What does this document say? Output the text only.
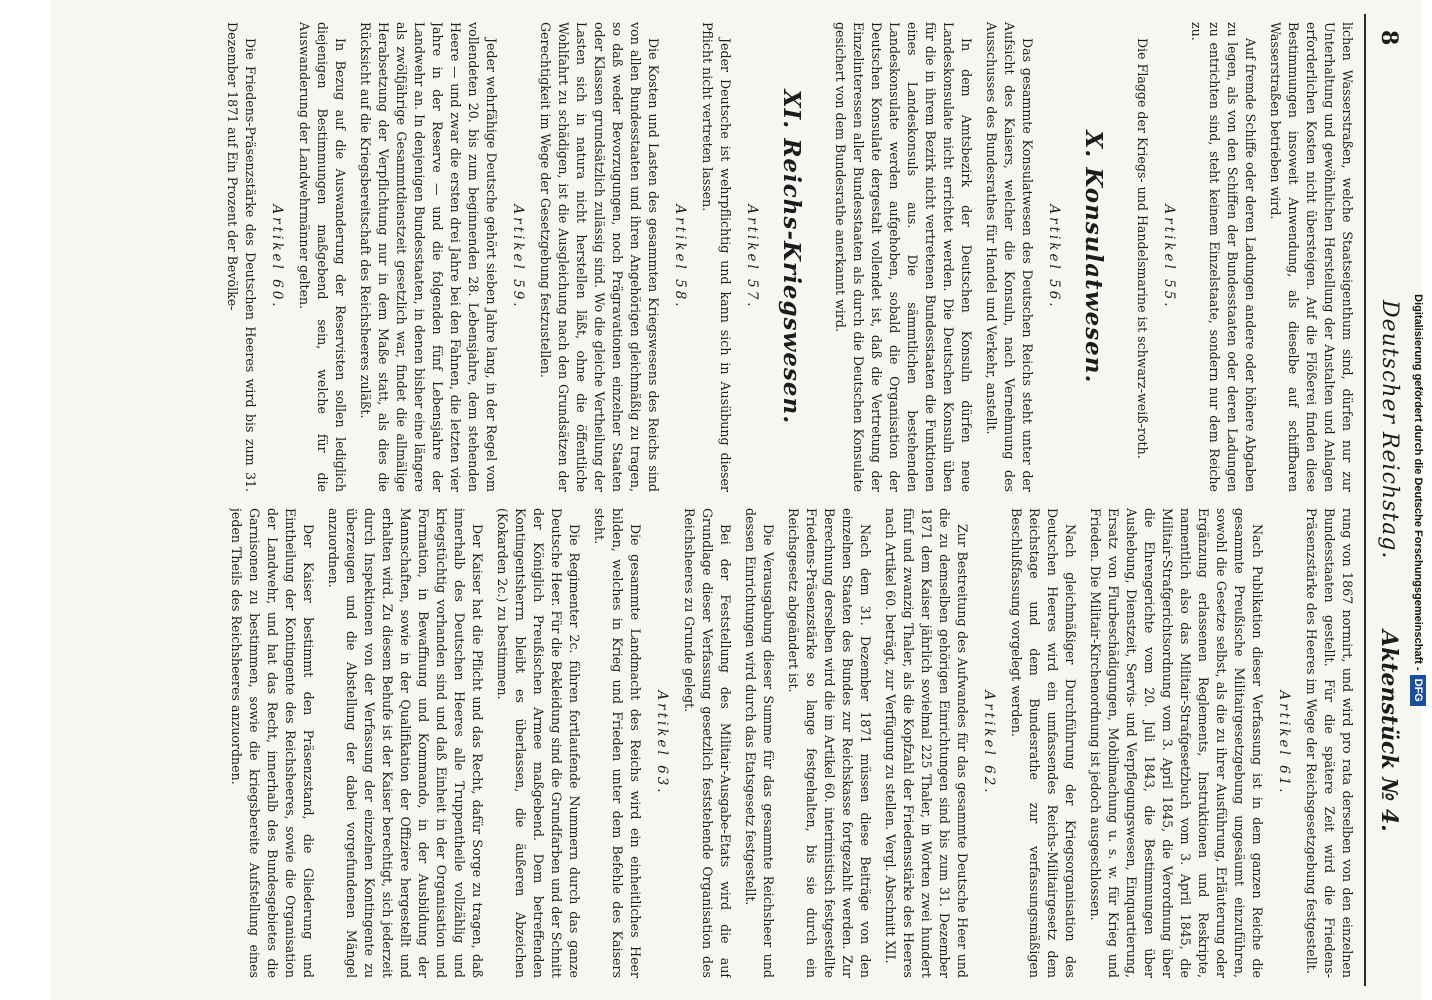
8
Deutscher Reichstag.
Aktenstück № 4.

lichen Wasserstraßen, welche Staatseigenthum sind, dürfen nur zur Unterhaltung und gewöhnlichen Herstellung der Anstalten und Anlagen erforderlichen Kosten nicht übersteigen. Auf die Flößerei finden diese Bestimmungen insoweit Anwendung, als dieselbe auf schiffbaren Wasserstraßen betrieben wird.

Auf fremde Schiffe oder deren Ladungen andere oder höhere Abgaben zu legen, als von den Schiffen der Bundesstaaten oder deren Ladungen zu entrichten sind, steht keinem Einzelstaate, sondern nur dem Reiche zu.

Artikel 55.

Die Flagge der Kriegs- und Handelsmarine ist schwarz-weiß-roth.

X. Konsulatwesen.
Artikel 56.

Das gesammte Konsulatwesen des Deutschen Reichs steht unter der Aufsicht des Kaisers, welcher die Konsuln, nach Vernehmung des Ausschusses des Bundesrathes für Handel und Verkehr, anstellt.

In dem Amtsbezirk der Deutschen Konsuln dürfen neue Landeskonsulate nicht errichtet werden. Die Deutschen Konsuln üben für die in ihrem Bezirk nicht vertretenen Bundesstaaten die Funktionen eines Landeskonsuls aus. Die sämmtlichen bestehenden Landeskonsulate werden aufgehoben, sobald die Organisation der Deutschen Konsulate dergestalt vollendet ist, daß die Vertretung der Einzelinteressen aller Bundesstaaten als durch die Deutschen Konsulate gesichert von dem Bundesrathe anerkannt wird.

XI. Reichs-Kriegswesen.
Artikel 57.

Jeder Deutsche ist wehrpflichtig und kann sich in Ausübung dieser Pflicht nicht vertreten lassen.

Artikel 58.

Die Kosten und Lasten des gesammten Kriegswesens des Reichs sind von allen Bundesstaaten und ihren Angehörigen gleichmäßig zu tragen, so daß weder Bevorzugungen, noch Prägravationen einzelner Staaten oder Klassen grundsätzlich zulässig sind. Wo die gleiche Vertheilung der Lasten sich in natura nicht herstellen läßt, ohne die öffentliche Wohlfahrt zu schädigen, ist die Ausgleichung nach den Grundsätzen der Gerechtigkeit im Wege der Gesetzgebung festzustellen.

Artikel 59.

Jeder wehrfähige Deutsche gehört sieben Jahre lang, in der Regel vom vollendeten 20. bis zum beginnenden 28. Lebensjahre, dem stehenden Heere — und zwar die ersten drei Jahre bei den Fahnen, die letzten vier Jahre in der Reserve — und die folgenden fünf Lebensjahre der Landwehr an. In denjenigen Bundesstaaten, in denen bisher eine längere als zwölfjährige Gesammtdienstzeit gesetzlich war, findet die allmälige Herabsetzung der Verpflichtung nur in dem Maße statt, als dies die Rücksicht auf die Kriegsbereitschaft des Reichsheeres zuläßt.

In Bezug auf die Auswanderung der Reservisten sollen lediglich diejenigen Bestimmungen maßgebend sein, welche für die Auswanderung der Landwehrmänner gelten.

Artikel 60.

Die Friedens-Präsenzstärke des Deutschen Heeres wird bis zum 31. Dezember 1871 auf Ein Prozent der Bevölke-

rung von 1867 normirt, und wird pro rata derselben von den einzelnen Bundesstaaten gestellt. Für die spätere Zeit wird die Friedens-Präsenzstärke des Heeres im Wege der Reichsgesetzgebung festgestellt.

Artikel 61.

Nach Publikation dieser Verfassung ist in dem ganzen Reiche die gesammte Preußische Militairgesetzgebung ungesäumt einzuführen, sowohl die Gesetze selbst, als die zu ihrer Ausführung, Erläuterung oder Ergänzung erlassenen Reglements, Instruktionen und Reskripte, namentlich also das Militair-Strafgesetzbuch vom 3. April 1845, die Militair-Strafgerichtsordnung vom 3. April 1845, die Verordnung über die Ehrengerichte vom 20. Juli 1843, die Bestimmungen über Aushebung, Dienstzeit, Servis- und Verpflegungswesen, Einquartierung, Ersatz von Flurbeschädigungen, Mobilmachung u. s. w. für Krieg und Frieden. Die Militair-Kirchenordnung ist jedoch ausgeschlossen.

Nach gleichmäßiger Durchführung der Kriegsorganisation des Deutschen Heeres wird ein umfassendes Reichs-Militairgesetz dem Reichstage und dem Bundesrathe zur verfassungsmäßigen Beschlußfassung vorgelegt werden.

Artikel 62.

Zur Bestreitung des Aufwandes für das gesammte Deutsche Heer und die zu demselben gehörigen Einrichtungen sind bis zum 31. Dezember 1871 dem Kaiser jährlich sovielmal 225 Thaler, in Worten zwei hundert fünf und zwanzig Thaler, als die Kopfzahl der Friedensstärke des Heeres nach Artikel 60. beträgt, zur Verfügung zu stellen. Vergl. Abschnitt XII.

Nach dem 31. Dezember 1871 müssen diese Beiträge von den einzelnen Staaten des Bundes zur Reichskasse fortgezahlt werden. Zur Berechnung derselben wird die im Artikel 60. interimistisch festgestellte Friedens-Präsenzstärke so lange festgehalten, bis sie durch ein Reichsgesetz abgeändert ist.

Die Verausgabung dieser Summe für das gesammte Reichsheer und dessen Einrichtungen wird durch das Etatsgesetz festgestellt.

Bei der Feststellung des Militair-Ausgabe-Etats wird die auf Grundlage dieser Verfassung gesetzlich feststehende Organisation des Reichsheeres zu Grunde gelegt.

Artikel 63.

Die gesammte Landmacht des Reichs wird ein einheitliches Heer bilden, welches in Krieg und Frieden unter dem Befehle des Kaisers steht.

Die Regimenter 2c. führen fortlaufende Nummern durch das ganze Deutsche Heer. Für die Bekleidung sind die Grundfarben und der Schnitt der Königlich Preußischen Armee maßgebend. Dem betreffenden Kontingentsherrn bleibt es überlassen, die äußeren Abzeichen (Kokarden 2c.) zu bestimmen.

Der Kaiser hat die Pflicht und das Recht, dafür Sorge zu tragen, daß innerhalb des Deutschen Heeres alle Truppentheile vollzählig und kriegstüchtig vorhanden sind und daß Einheit in der Organisation und Formation, in Bewaffnung und Kommando, in der Ausbildung der Mannschaften, sowie in der Qualifikation der Offiziere hergestellt und erhalten wird. Zu diesem Behufe ist der Kaiser berechtigt, sich jederzeit durch Inspektionen von der Verfassung der einzelnen Kontingente zu überzeugen und die Abstellung der dabei vorgefundenen Mängel anzuordnen.

Der Kaiser bestimmt den Präsenzstand, die Gliederung und Eintheilung der Kontingente des Reichsheeres, sowie die Organisation der Landwehr, und hat das Recht, innerhalb des Bundesgebietes die Garnisonen zu bestimmen, sowie die kriegsbereite Aufstellung eines jeden Theils des Reichsheeres anzuordnen.	Digitalisierung gefördert durch die Deutsche Forschungsgemeinschaft -DFG
